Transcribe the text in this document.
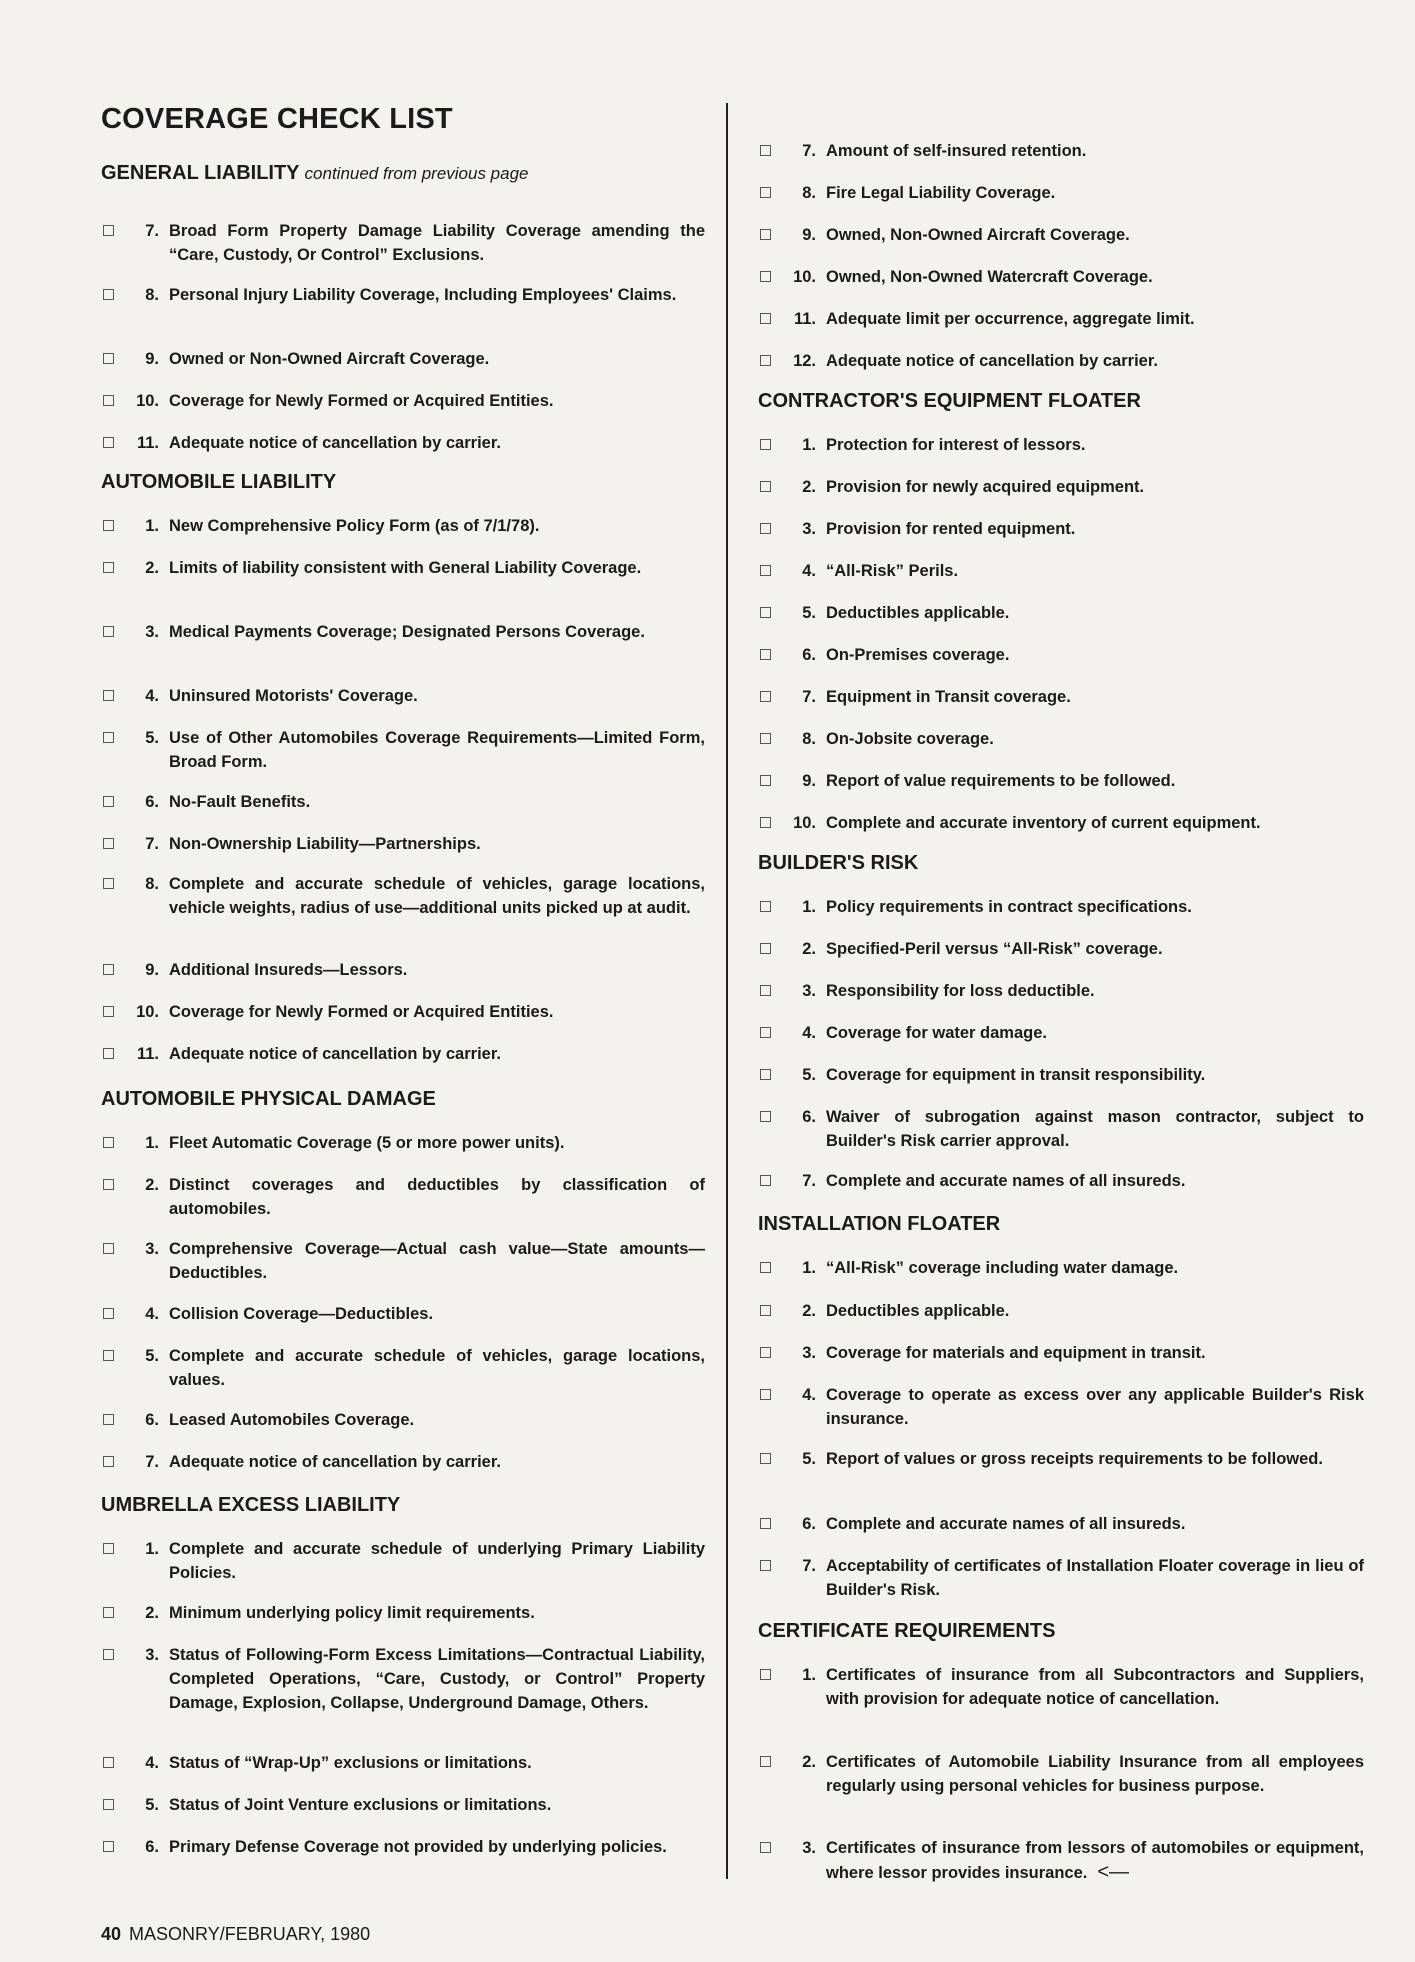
COVERAGE CHECK LIST
GENERAL LIABILITY continued from previous page
7. Broad Form Property Damage Liability Coverage amending the “Care, Custody, Or Control” Exclusions.
8. Personal Injury Liability Coverage, Including Employees' Claims.
9. Owned or Non-Owned Aircraft Coverage.
10. Coverage for Newly Formed or Acquired Entities.
11. Adequate notice of cancellation by carrier.
AUTOMOBILE LIABILITY
1. New Comprehensive Policy Form (as of 7/1/78).
2. Limits of liability consistent with General Liability Coverage.
3. Medical Payments Coverage; Designated Persons Coverage.
4. Uninsured Motorists' Coverage.
5. Use of Other Automobiles Coverage Requirements—Limited Form, Broad Form.
6. No-Fault Benefits.
7. Non-Ownership Liability—Partnerships.
8. Complete and accurate schedule of vehicles, garage locations, vehicle weights, radius of use—additional units picked up at audit.
9. Additional Insureds—Lessors.
10. Coverage for Newly Formed or Acquired Entities.
11. Adequate notice of cancellation by carrier.
AUTOMOBILE PHYSICAL DAMAGE
1. Fleet Automatic Coverage (5 or more power units).
2. Distinct coverages and deductibles by classification of automobiles.
3. Comprehensive Coverage—Actual cash value—State amounts—Deductibles.
4. Collision Coverage—Deductibles.
5. Complete and accurate schedule of vehicles, garage locations, values.
6. Leased Automobiles Coverage.
7. Adequate notice of cancellation by carrier.
UMBRELLA EXCESS LIABILITY
1. Complete and accurate schedule of underlying Primary Liability Policies.
2. Minimum underlying policy limit requirements.
3. Status of Following-Form Excess Limitations—Contractual Liability, Completed Operations, “Care, Custody, or Control” Property Damage, Explosion, Collapse, Underground Damage, Others.
4. Status of “Wrap-Up” exclusions or limitations.
5. Status of Joint Venture exclusions or limitations.
6. Primary Defense Coverage not provided by underlying policies.
7. Amount of self-insured retention.
8. Fire Legal Liability Coverage.
9. Owned, Non-Owned Aircraft Coverage.
10. Owned, Non-Owned Watercraft Coverage.
11. Adequate limit per occurrence, aggregate limit.
12. Adequate notice of cancellation by carrier.
CONTRACTOR'S EQUIPMENT FLOATER
1. Protection for interest of lessors.
2. Provision for newly acquired equipment.
3. Provision for rented equipment.
4. “All-Risk” Perils.
5. Deductibles applicable.
6. On-Premises coverage.
7. Equipment in Transit coverage.
8. On-Jobsite coverage.
9. Report of value requirements to be followed.
10. Complete and accurate inventory of current equipment.
BUILDER'S RISK
1. Policy requirements in contract specifications.
2. Specified-Peril versus “All-Risk” coverage.
3. Responsibility for loss deductible.
4. Coverage for water damage.
5. Coverage for equipment in transit responsibility.
6. Waiver of subrogation against mason contractor, subject to Builder's Risk carrier approval.
7. Complete and accurate names of all insureds.
INSTALLATION FLOATER
1. “All-Risk” coverage including water damage.
2. Deductibles applicable.
3. Coverage for materials and equipment in transit.
4. Coverage to operate as excess over any applicable Builder's Risk insurance.
5. Report of values or gross receipts requirements to be followed.
6. Complete and accurate names of all insureds.
7. Acceptability of certificates of Installation Floater coverage in lieu of Builder's Risk.
CERTIFICATE REQUIREMENTS
1. Certificates of insurance from all Subcontractors and Suppliers, with provision for adequate notice of cancellation.
2. Certificates of Automobile Liability Insurance from all employees regularly using personal vehicles for business purpose.
3. Certificates of insurance from lessors of automobiles or equipment, where lessor provides insurance. <—
40 MASONRY/FEBRUARY, 1980
